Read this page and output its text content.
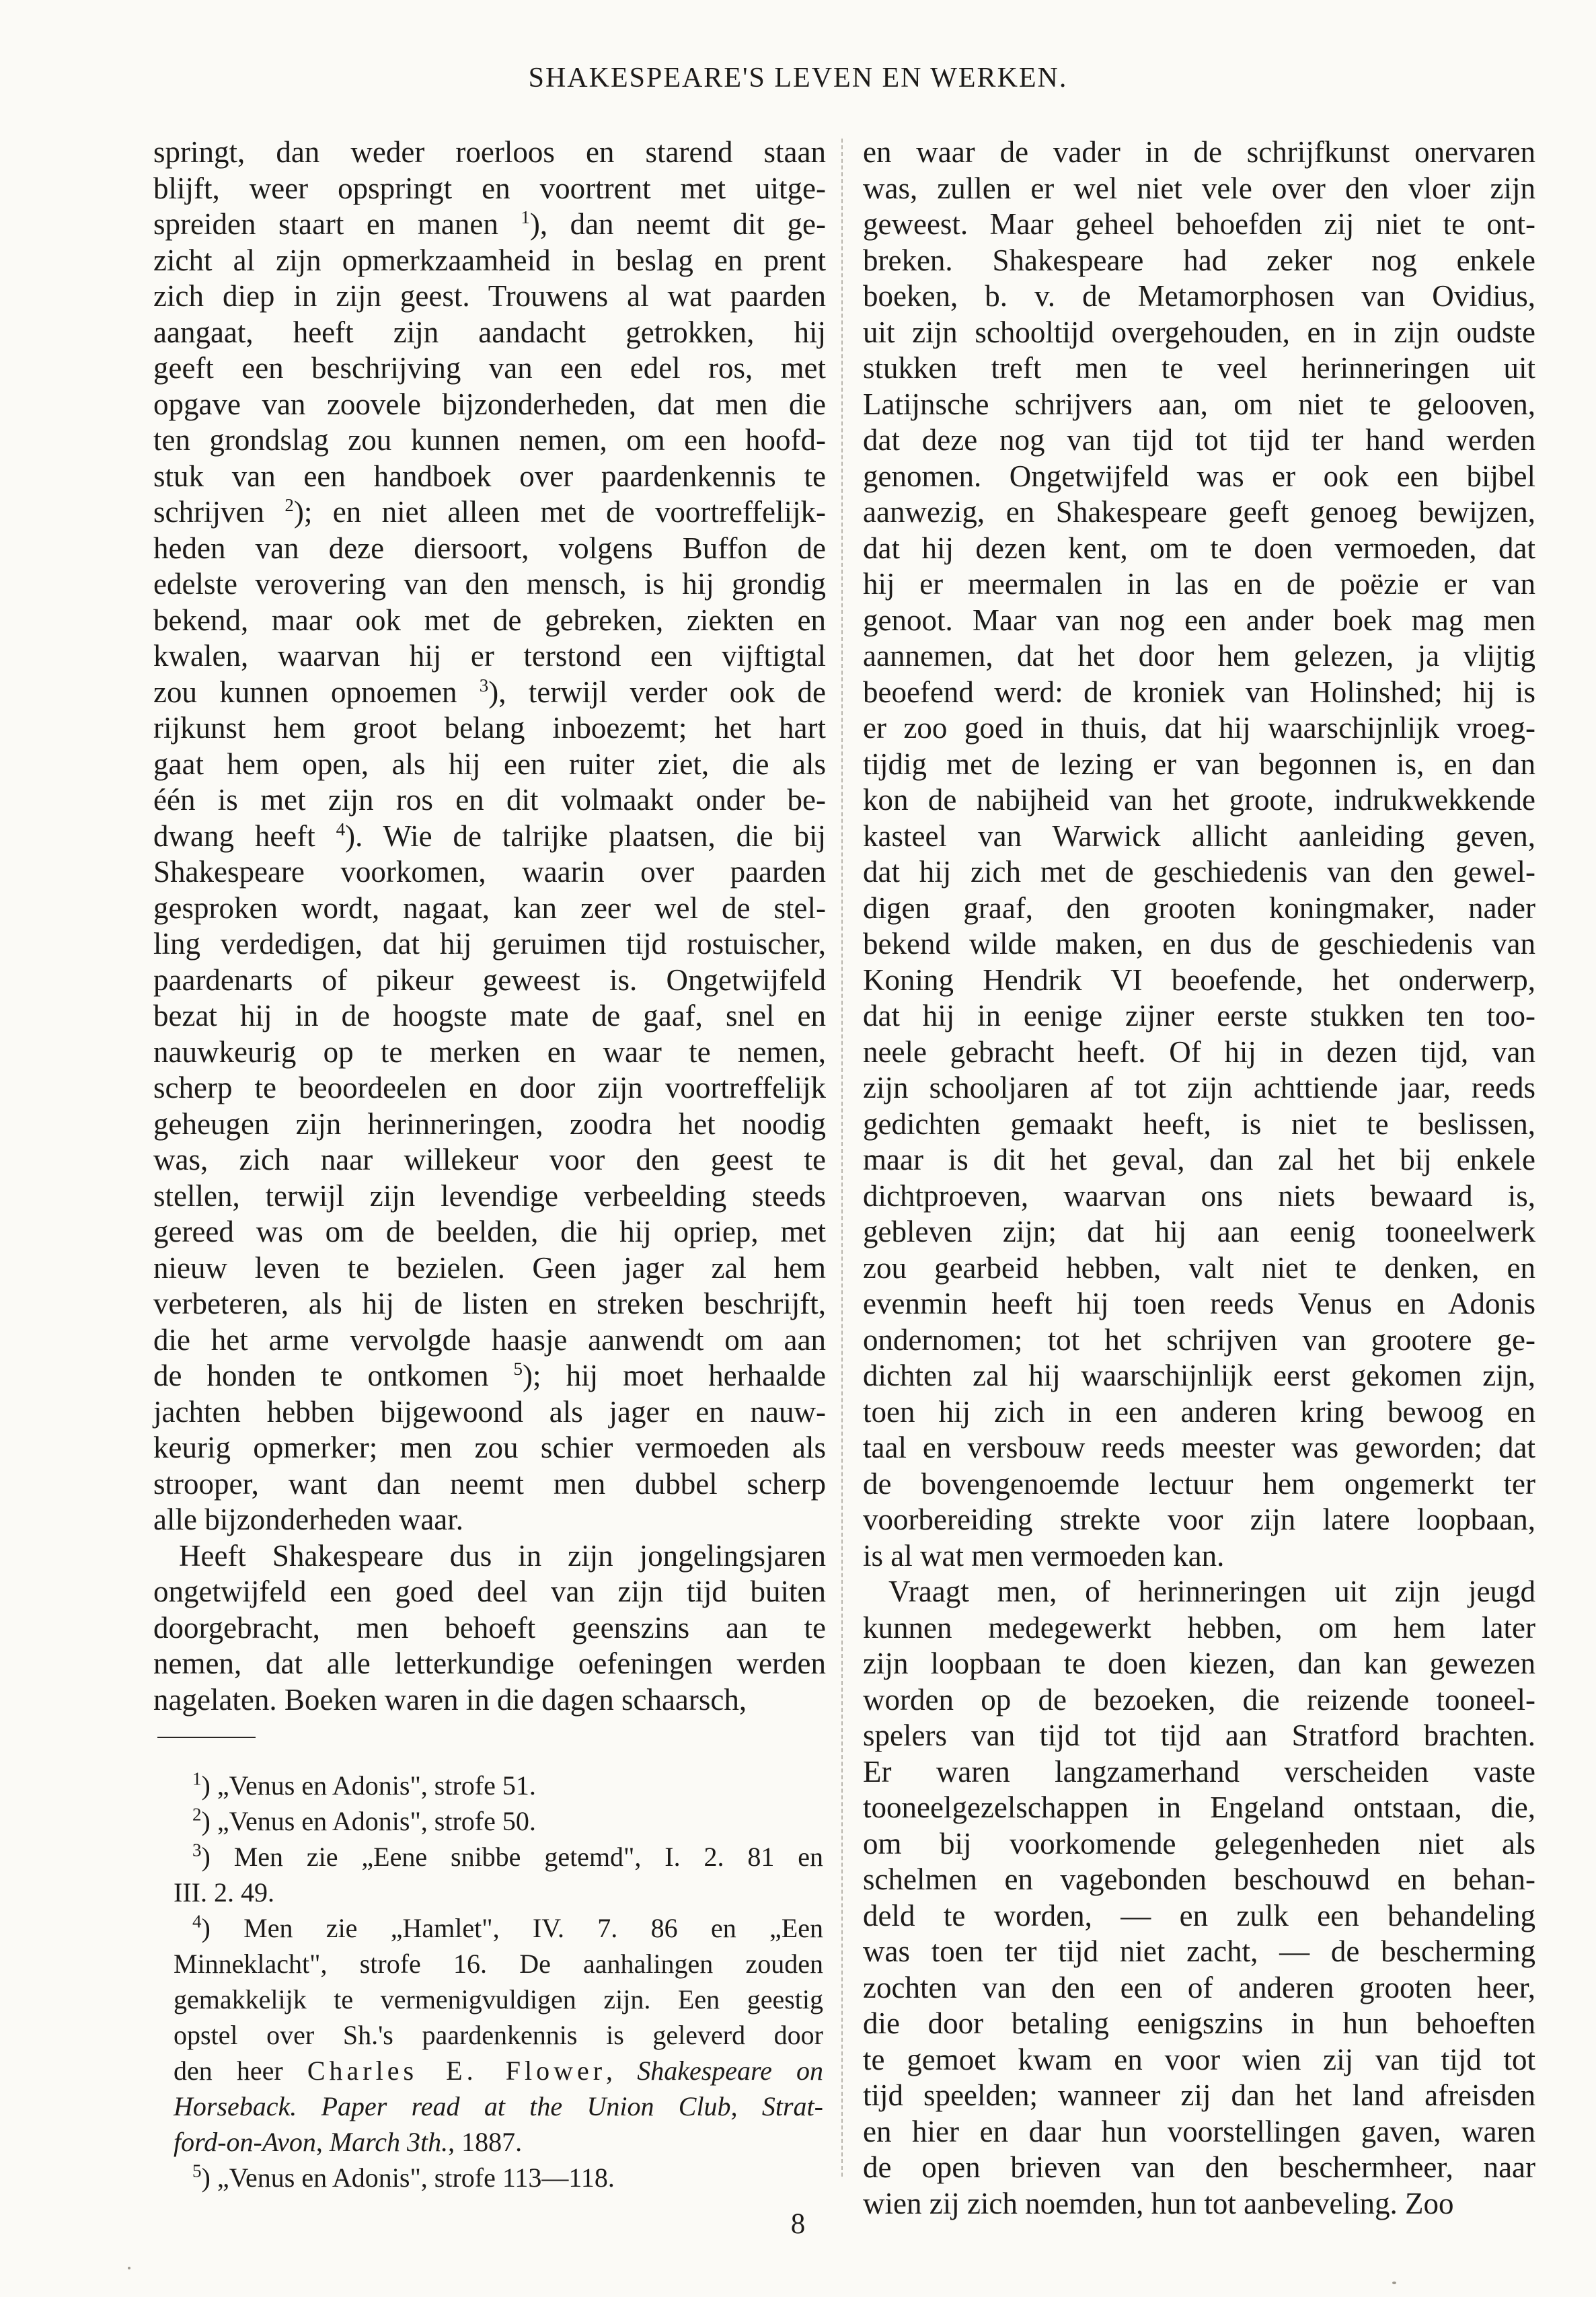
SHAKESPEARE'S LEVEN EN WERKEN.
springt, dan weder roerloos en starend staan
blijft, weer opspringt en voortrent met uitge-
spreiden staart en manen $^1$), dan neemt dit ge-
zicht al zijn opmerkzaamheid in beslag en prent
zich diep in zijn geest. Trouwens al wat paarden
aangaat, heeft zijn aandacht getrokken, hij
geeft een beschrijving van een edel ros, met
opgave van zoovele bijzonderheden, dat men die
ten grondslag zou kunnen nemen, om een hoofd-
stuk van een handboek over paardenkennis te
schrijven $^2$); en niet alleen met de voortreffelijk-
heden van deze diersoort, volgens Buffon de
edelste verovering van den mensch, is hij grondig
bekend, maar ook met de gebreken, ziekten en
kwalen, waarvan hij er terstond een vijftigtal
zou kunnen opnoemen $^3$), terwijl verder ook de
rijkunst hem groot belang inboezemt; het hart
gaat hem open, als hij een ruiter ziet, die als
één is met zijn ros en dit volmaakt onder be-
dwang heeft $^4$). Wie de talrijke plaatsen, die bij
Shakespeare voorkomen, waarin over paarden
gesproken wordt, nagaat, kan zeer wel de stel-
ling verdedigen, dat hij geruimen tijd rostuischer,
paardenarts of pikeur geweest is. Ongetwijfeld
bezat hij in de hoogste mate de gaaf, snel en
nauwkeurig op te merken en waar te nemen,
scherp te beoordeelen en door zijn voortreffelijk
geheugen zijn herinneringen, zoodra het noodig
was, zich naar willekeur voor den geest te
stellen, terwijl zijn levendige verbeelding steeds
gereed was om de beelden, die hij opriep, met
nieuw leven te bezielen. Geen jager zal hem
verbeteren, als hij de listen en streken beschrijft,
die het arme vervolgde haasje aanwendt om aan
de honden te ontkomen $^5$); hij moet herhaalde
jachten hebben bijgewoond als jager en nauw-
keurig opmerker; men zou schier vermoeden als
strooper, want dan neemt men dubbel scherp
alle bijzonderheden waar.
Heeft Shakespeare dus in zijn jongelingsjaren
ongetwijfeld een goed deel van zijn tijd buiten
doorgebracht, men behoeft geenszins aan te
nemen, dat alle letterkundige oefeningen werden
nagelaten. Boeken waren in die dagen schaarsch,
en waar de vader in de schrijfkunst onervaren
was, zullen er wel niet vele over den vloer zijn
geweest. Maar geheel behoefden zij niet te ont-
breken. Shakespeare had zeker nog enkele
boeken, b. v. de Metamorphosen van Ovidius,
uit zijn schooltijd overgehouden, en in zijn oudste
stukken treft men te veel herinneringen uit
Latijnsche schrijvers aan, om niet te gelooven,
dat deze nog van tijd tot tijd ter hand werden
genomen. Ongetwijfeld was er ook een bijbel
aanwezig, en Shakespeare geeft genoeg bewijzen,
dat hij dezen kent, om te doen vermoeden, dat
hij er meermalen in las en de poëzie er van
genoot. Maar van nog een ander boek mag men
aannemen, dat het door hem gelezen, ja vlijtig
beoefend werd: de kroniek van Holinshed; hij is
er zoo goed in thuis, dat hij waarschijnlijk vroeg-
tijdig met de lezing er van begonnen is, en dan
kon de nabijheid van het groote, indrukwekkende
kasteel van Warwick allicht aanleiding geven,
dat hij zich met de geschiedenis van den gewel-
digen graaf, den grooten koningmaker, nader
bekend wilde maken, en dus de geschiedenis van
Koning Hendrik VI beoefende, het onderwerp,
dat hij in eenige zijner eerste stukken ten too-
neele gebracht heeft. Of hij in dezen tijd, van
zijn schooljaren af tot zijn achttiende jaar, reeds
gedichten gemaakt heeft, is niet te beslissen,
maar is dit het geval, dan zal het bij enkele
dichtproeven, waarvan ons niets bewaard is,
gebleven zijn; dat hij aan eenig tooneelwerk
zou gearbeid hebben, valt niet te denken, en
evenmin heeft hij toen reeds Venus en Adonis
ondernomen; tot het schrijven van grootere ge-
dichten zal hij waarschijnlijk eerst gekomen zijn,
toen hij zich in een anderen kring bewoog en
taal en versbouw reeds meester was geworden; dat
de bovengenoemde lectuur hem ongemerkt ter
voorbereiding strekte voor zijn latere loopbaan,
is al wat men vermoeden kan.
Vraagt men, of herinneringen uit zijn jeugd
kunnen medegewerkt hebben, om hem later
zijn loopbaan te doen kiezen, dan kan gewezen
worden op de bezoeken, die reizende tooneel-
spelers van tijd tot tijd aan Stratford brachten.
Er waren langzamerhand verscheiden vaste
tooneelgezelschappen in Engeland ontstaan, die,
om bij voorkomende gelegenheden niet als
schelmen en vagebonden beschouwd en behan-
deld te worden, — en zulk een behandeling
was toen ter tijd niet zacht, — de bescherming
zochten van den een of anderen grooten heer,
die door betaling eenigszins in hun behoeften
te gemoet kwam en voor wien zij van tijd tot
tijd speelden; wanneer zij dan het land afreisden
en hier en daar hun voorstellingen gaven, waren
de open brieven van den beschermheer, naar
wien zij zich noemden, hun tot aanbeveling. Zoo
$^1$) „Venus en Adonis", strofe 51.
$^2$) „Venus en Adonis", strofe 50.
$^3$) Men zie „Eene snibbe getemd", I. 2. 81 en
III. 2. 49.
$^4$) Men zie „Hamlet", IV. 7. 86 en „Een
Minneklacht", strofe 16. De aanhalingen zouden
gemakkelijk te vermenigvuldigen zijn. Een geestig
opstel over Sh.'s paardenkennis is geleverd door
den heer Charles E. Flower, Shakespeare on
Horseback. Paper read at the Union Club, Strat-
ford-on-Avon, March 3th., 1887.
$^5$) „Venus en Adonis", strofe 113—118.
8
